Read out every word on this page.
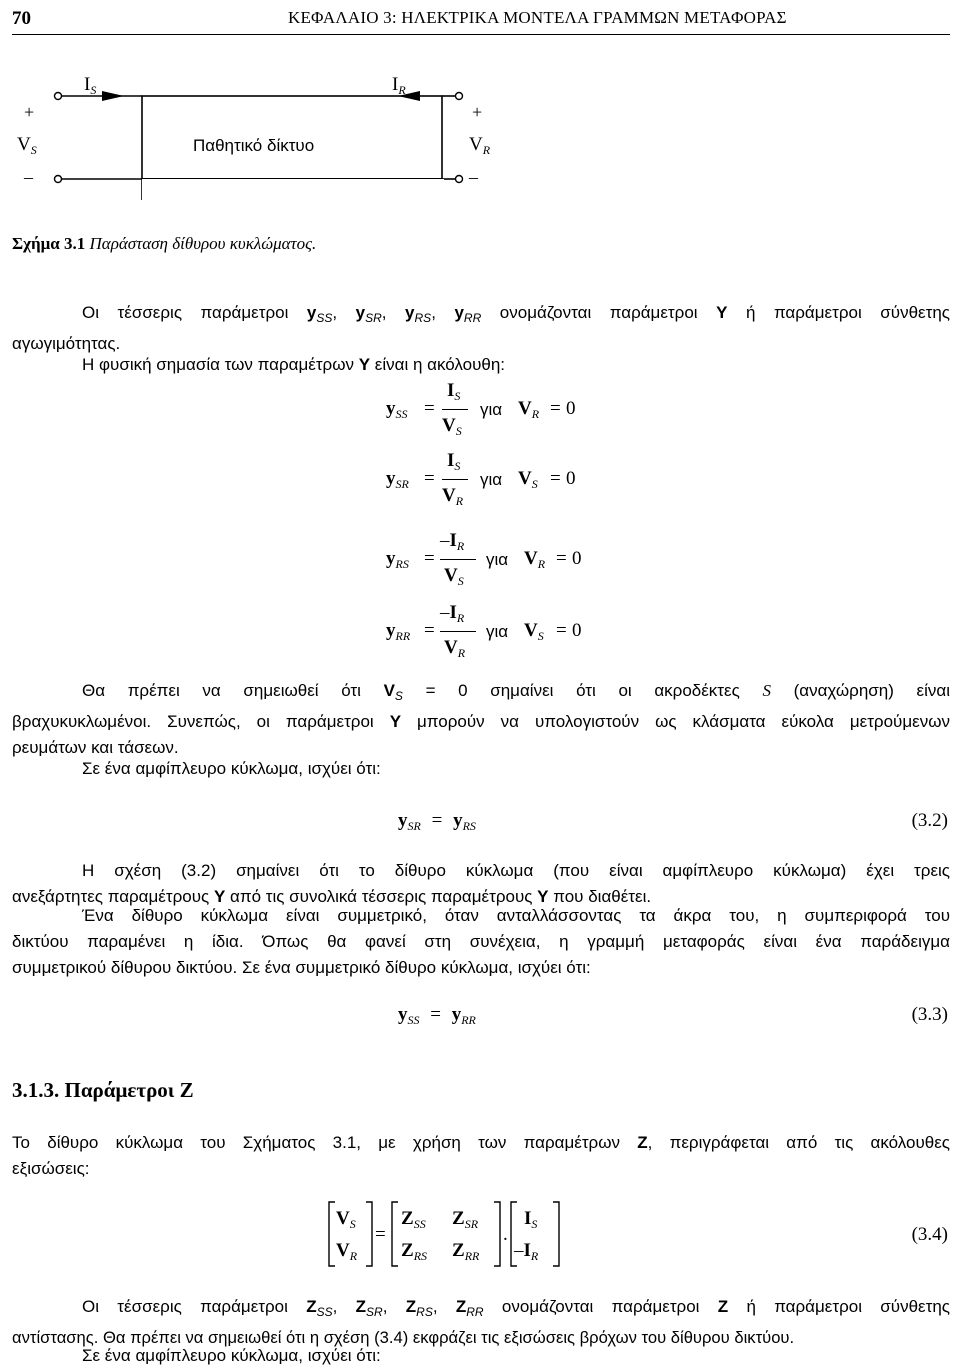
70	ΚΕΦΑΛΑΙΟ 3: ΗΛΕΚΤΡΙΚΑ ΜΟΝΤΕΛΑ ΓΡΑΜΜΩΝ ΜΕΤΑΦΟΡΑΣ
$I_S$	$I_R$
+	+
$V_S$	$V_R$
Παθητικό δίκτυο
–	–
Σχήμα 3.1 Παράσταση δίθυρου κυκλώματος.
Οι τέσσερις παράμετροι $y_{SS}$, $y_{SR}$, $y_{RS}$, $y_{RR}$ ονομάζονται παράμετροι Y ή παράμετροι σύνθετης
αγωγιμότητας.
Η φυσική σημασία των παραμέτρων Y είναι η ακόλουθη:
$y_{SS}$ =
$I_S$
$V_S$
για $V_R = 0$
$y_{SR}$ =
$I_S$
$V_R$
για $V_S = 0$
$y_{RS}$ =
$-I_R$
$V_S$
για $V_R = 0$
$y_{RR}$ =
$-I_R$
$V_R$
για $V_S = 0$
Θα πρέπει να σημειωθεί ότι $V_S = 0$ σημαίνει ότι οι ακροδέκτες S (αναχώρηση) είναι
βραχυκυκλωμένοι. Συνεπώς, οι παράμετροι Y μπορούν να υπολογιστούν ως κλάσματα εύκολα μετρούμενων
ρευμάτων και τάσεων.
Σε ένα αμφίπλευρο κύκλωμα, ισχύει ότι:
$y_{SR} = y_{RS}$	(3.2)
Η σχέση (3.2) σημαίνει ότι το δίθυρο κύκλωμα (που είναι αμφίπλευρο κύκλωμα) έχει τρεις
ανεξάρτητες παραμέτρους Y από τις συνολικά τέσσερις παραμέτρους Y που διαθέτει.
Ένα δίθυρο κύκλωμα είναι συμμετρικό, όταν ανταλλάσσοντας τα άκρα του, η συμπεριφορά του
δικτύου παραμένει η ίδια. Όπως θα φανεί στη συνέχεια, η γραμμή μεταφοράς είναι ένα παράδειγμα
συμμετρικού δίθυρου δικτύου. Σε ένα συμμετρικό δίθυρο κύκλωμα, ισχύει ότι:
$y_{SS} = y_{RR}$	(3.3)
3.1.3. Παράμετροι Z
Το δίθυρο κύκλωμα του Σχήματος 3.1, με χρήση των παραμέτρων Z, περιγράφεται από τις ακόλουθες
εξισώσεις:
$V_S$
$V_R$
=
$Z_{SS}$ $Z_{SR}$
$Z_{RS}$ $Z_{RR}$
.
$I_S$
$-I_R$
(3.4)
Οι τέσσερις παράμετροι $Z_{SS}$, $Z_{SR}$, $Z_{RS}$, $Z_{RR}$ ονομάζονται παράμετροι Z ή παράμετροι σύνθετης
αντίστασης. Θα πρέπει να σημειωθεί ότι η σχέση (3.4) εκφράζει τις εξισώσεις βρόχων του δίθυρου δικτύου.
Σε ένα αμφίπλευρο κύκλωμα, ισχύει ότι:
